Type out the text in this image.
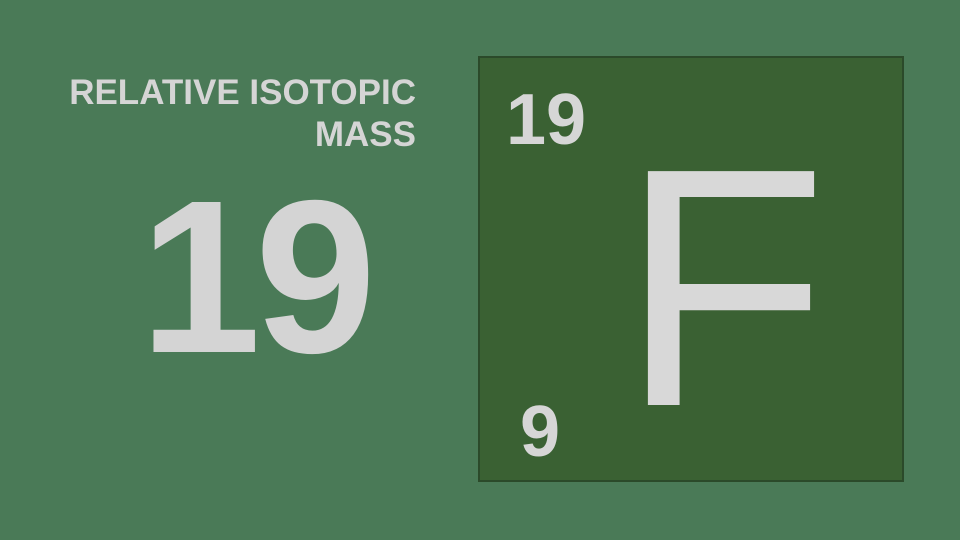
RELATIVE ISOTOPIC
MASS
19
19 F
9
